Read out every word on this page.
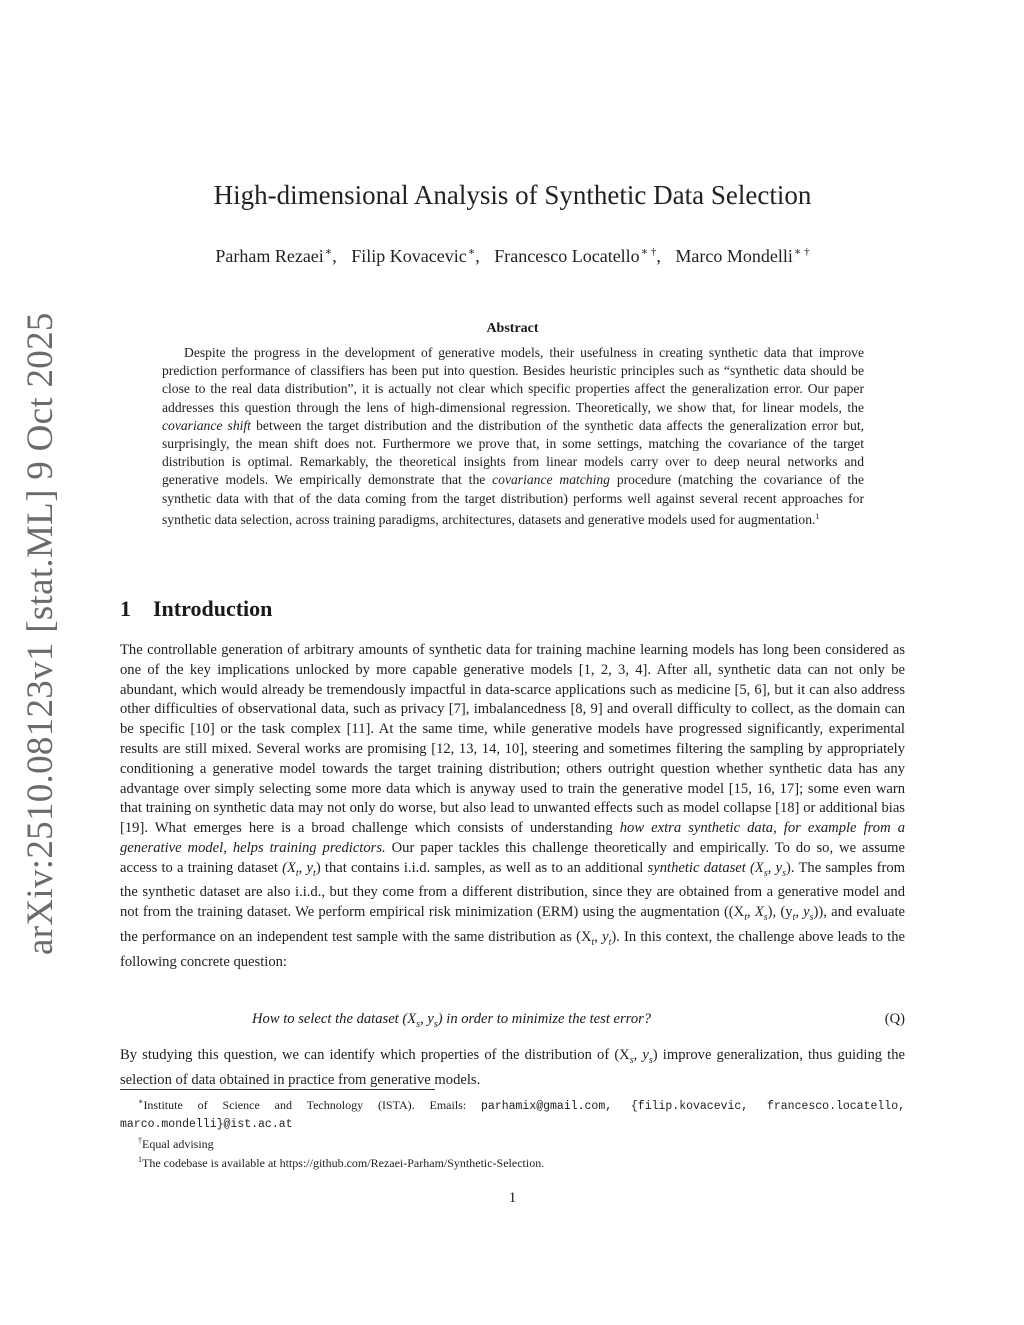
arXiv:2510.08123v1 [stat.ML] 9 Oct 2025
High-dimensional Analysis of Synthetic Data Selection
Parham Rezaei∗, Filip Kovacevic∗, Francesco Locatello∗ †, Marco Mondelli∗ †
Abstract
Despite the progress in the development of generative models, their usefulness in creating synthetic data that improve prediction performance of classifiers has been put into question. Besides heuristic principles such as “synthetic data should be close to the real data distribution”, it is actually not clear which specific properties affect the generalization error. Our paper addresses this question through the lens of high-dimensional regression. Theoretically, we show that, for linear models, the covariance shift between the target distribution and the distribution of the synthetic data affects the generalization error but, surprisingly, the mean shift does not. Furthermore we prove that, in some settings, matching the covariance of the target distribution is optimal. Remarkably, the theoretical insights from linear models carry over to deep neural networks and generative models. We empirically demonstrate that the covariance matching procedure (matching the covariance of the synthetic data with that of the data coming from the target distribution) performs well against several recent approaches for synthetic data selection, across training paradigms, architectures, datasets and generative models used for augmentation.$^1$
1 Introduction
The controllable generation of arbitrary amounts of synthetic data for training machine learning models has long been considered as one of the key implications unlocked by more capable generative models [1, 2, 3, 4]. After all, synthetic data can not only be abundant, which would already be tremendously impactful in data-scarce applications such as medicine [5, 6], but it can also address other difficulties of observational data, such as privacy [7], imbalancedness [8, 9] and overall difficulty to collect, as the domain can be specific [10] or the task complex [11]. At the same time, while generative models have progressed significantly, experimental results are still mixed. Several works are promising [12, 13, 14, 10], steering and sometimes filtering the sampling by appropriately conditioning a generative model towards the target training distribution; others outright question whether synthetic data has any advantage over simply selecting some more data which is anyway used to train the generative model [15, 16, 17]; some even warn that training on synthetic data may not only do worse, but also lead to unwanted effects such as model collapse [18] or additional bias [19]. What emerges here is a broad challenge which consists of understanding how extra synthetic data, for example from a generative model, helps training predictors. Our paper tackles this challenge theoretically and empirically. To do so, we assume access to a training dataset ($X_t$, $y_t$) that contains i.i.d. samples, as well as to an additional synthetic dataset ($X_s$, $y_s$). The samples from the synthetic dataset are also i.i.d., but they come from a different distribution, since they are obtained from a generative model and not from the training dataset. We perform empirical risk minimization (ERM) using the augmentation (($X_t$, $X_s$), ($y_t$, $y_s$)), and evaluate the performance on an independent test sample with the same distribution as ($X_t$, $y_t$). In this context, the challenge above leads to the following concrete question:
How to select the dataset ($X_s$, $y_s$) in order to minimize the test error?	(Q)
By studying this question, we can identify which properties of the distribution of ($X_s$, $y_s$) improve generalization, thus guiding the selection of data obtained in practice from generative models.

∗Institute of Science and Technology (ISTA). Emails: parhamix@gmail.com, {filip.kovacevic, francesco.locatello, marco.mondelli}@ist.ac.at

†Equal advising

$^1$The codebase is available at https://github.com/Rezaei-Parham/Synthetic-Selection.

1
